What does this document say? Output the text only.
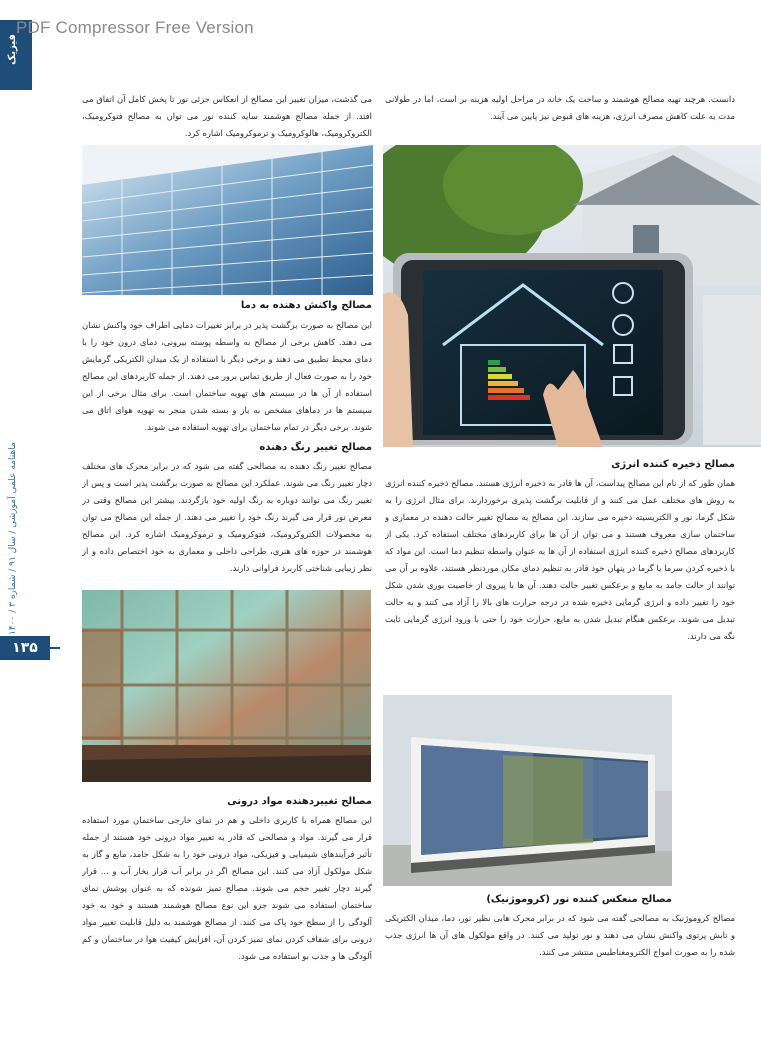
PDF Compressor Free Version
فیزیک
ماهنامه علمی آموزشی / سال ۹۱ / شماره ۳ / ۱۴۰۰
۱۳۵
دانست. هرچند تهیه مصالح هوشمند و ساخت یک خانه در مراحل اولیه هزینه بر است، اما در طولانی مدت به علت کاهش مصرف انرژی، هزینه های قبوض نیز پایین می آیند.
مصالح ذخیره کننده انرژی
همان طور که از نام این مصالح پیداست، آن ها قادر به ذخیره انرژی هستند. مصالح ذخیره کننده انرژی به روش های مختلف عمل می کنند و از قابلیت برگشت پذیری برخوردارند. برای مثال انرژی را به شکل گرما، نور و الکتریسیته ذخیره می سازند. این مصالح به مصالح تغییر حالت دهنده در معماری و ساختمان سازی معروف هستند و می توان از آن ها برای کاربردهای مختلف استفاده کرد. یکی از کاربردهای مصالح ذخیره کننده انرژی استفاده از آن ها به عنوان واسطه تنظیم دما است. این مواد که با ذخیره کردن سرما یا گرما در پنهان خود قادر به تنظیم دمای مکان موردنظر هستند، علاوه بر آن می توانند از حالت جامد به مایع و برعکس تغییر حالت دهند. آن ها با پیروی از خاصیت بوری شدن شکل خود را تغییر داده و انرژی گرمایی ذخیره شده در درجه حرارت های بالا را آزاد می کنند و به حالت تبدیل می شوند. برعکس هنگام تبدیل شدن به مایع، حرارت خود را حتی با ورود انرژی گرمایی ثابت نگه می دارند.
مصالح منعکس کننده نور (کروموژنیک)
مصالح کروموژنیک به مصالحی گفته می شود که در برابر محرک هایی نظیر نور، دما، میدان الکتریکی و تابش پرتوی واکنش نشان می دهند و نور تولید می کنند. در واقع مولکول های آن ها انرژی جذب شده را به صورت امواج الکترومغناطیس منتشر می کنند.
می گذشت، میزان تغییر این مصالح از انعکاس جزئی نور تا پخش کامل آن اتفاق می افتد. از جمله مصالح هوشمند سایه کننده نور می توان به مصالح فتوکرومیک، الکتروکرومیک، هالوکرومیک و ترموکرومیک اشاره کرد.
مصالح واکنش دهنده به دما
این مصالح به صورت برگشت پذیر در برابر تغییرات دمایی اطراف خود واکنش نشان می دهند. کاهش برخی از مصالح به واسطه پوسته بیرونی، دمای درون خود را با دمای محیط تطبیق می دهند و برخی دیگر با استفاده از یک میدان الکتریکی گرمایش خود را به صورت فعال از طریق تماس برور می دهند. از جمله کاربردهای این مصالح استفاده از آن ها در سیستم های تهویه ساختمان است. برای مثال برخی از این سیستم ها در دماهای مشخص به باز و بسته شدن منجر به تهویه هوای اتاق می شوند. برخی دیگر در تمام ساختمان برای تهویه استفاده می شوند.
مصالح تغییر رنگ دهنده
مصالح تغییر رنگ دهنده به مصالحی گفته می شود که در برابر محرک های مختلف دچار تغییر رنگ می شوند. عملکرد این مصالح به صورت برگشت پذیر است و پس از تغییر رنگ می توانند دوباره به رنگ اولیه خود بازگردند. بیشتر این مصالح وقتی در معرض نور قرار می گیرند رنگ خود را تغییر می دهند. از جمله این مصالح می توان به محصولات الکتروکرومیک، فتوکرومیک و ترموکرومیک اشاره کرد. این مصالح هوشمند در حوزه های هنری، طراحی داخلی و معماری به خود اختصاص داده و از نظر زیبایی شناختی کاربرد فراوانی دارند.
مصالح تغییردهنده مواد درونی
این مصالح همراه با کاربری داخلی و هم در نمای خارجی ساختمان مورد استفاده قرار می گیرند. مواد و مصالحی که قادر به تغییر مواد درونی خود هستند از جمله تأثیر فرآیندهای شیمیایی و فیزیکی، مواد درونی خود را به شکل جامد، مایع و گاز به شکل مولکول آزاد می کنند. این مصالح اگر در برابر آب قرار بخار آب و ... قرار گیرند دچار تغییر حجم می شوند. مصالح تمیز شونده که به عنوان پوشش نمای ساختمان استفاده می شوند جزو این نوع مصالح هوشمند هستند و خود به خود آلودگی را از سطح خود پاک می کنند. از مصالح هوشمند به دلیل قابلیت تغییر مواد درونی برای شفاف کردن نمای تمیز کردن آن، افزایش کیفیت هوا در ساختمان و کم آلودگی ها و جذب بو استفاده می شود.
